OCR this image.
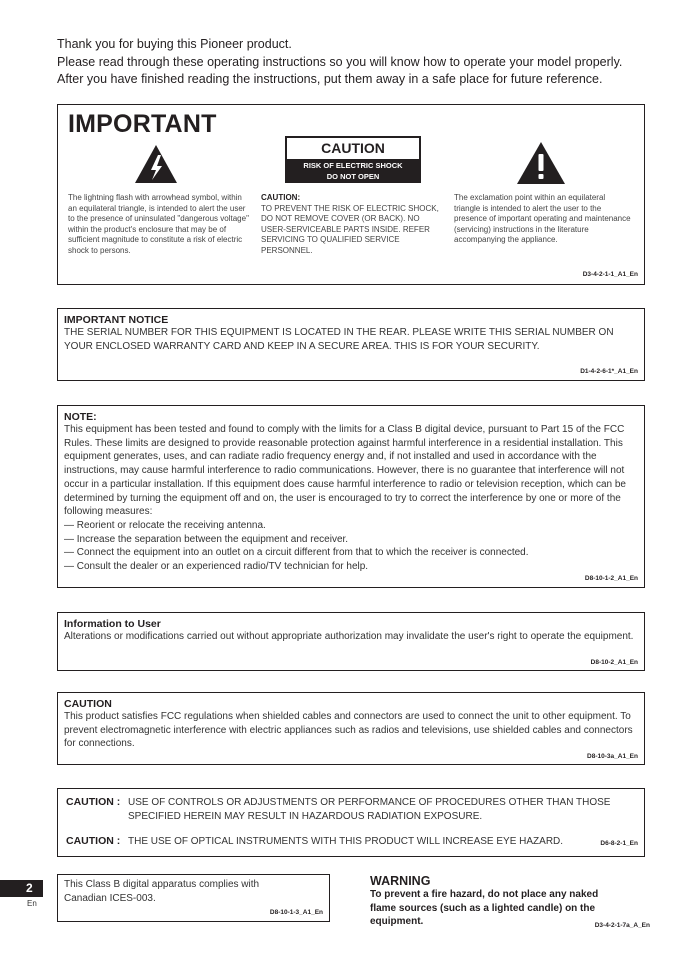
Thank you for buying this Pioneer product.
Please read through these operating instructions so you will know how to operate your model properly.
After you have finished reading the instructions, put them away in a safe place for future reference.
IMPORTANT
CAUTION
RISK OF ELECTRIC SHOCK
DO NOT OPEN
The lightning flash with arrowhead symbol, within an equilateral triangle, is intended to alert the user to the presence of uninsulated "dangerous voltage" within the product's enclosure that may be of sufficient magnitude to constitute a risk of electric shock to persons.
CAUTION:
TO PREVENT THE RISK OF ELECTRIC SHOCK, DO NOT REMOVE COVER (OR BACK). NO USER-SERVICEABLE PARTS INSIDE. REFER SERVICING TO QUALIFIED SERVICE PERSONNEL.
The exclamation point within an equilateral triangle is intended to alert the user to the presence of important operating and maintenance (servicing) instructions in the literature accompanying the appliance.
D3-4-2-1-1_A1_En
IMPORTANT NOTICE
THE SERIAL NUMBER FOR THIS EQUIPMENT IS LOCATED IN THE REAR. PLEASE WRITE THIS SERIAL NUMBER ON YOUR ENCLOSED WARRANTY CARD AND KEEP IN A SECURE AREA. THIS IS FOR YOUR SECURITY.
D1-4-2-6-1*_A1_En
NOTE:
This equipment has been tested and found to comply with the limits for a Class B digital device, pursuant to Part 15 of the FCC Rules. These limits are designed to provide reasonable protection against harmful interference in a residential installation. This equipment generates, uses, and can radiate radio frequency energy and, if not installed and used in accordance with the instructions, may cause harmful interference to radio communications. However, there is no guarantee that interference will not occur in a particular installation. If this equipment does cause harmful interference to radio or television reception, which can be determined by turning the equipment off and on, the user is encouraged to try to correct the interference by one or more of the following measures:
— Reorient or relocate the receiving antenna.
— Increase the separation between the equipment and receiver.
— Connect the equipment into an outlet on a circuit different from that to which the receiver is connected.
— Consult the dealer or an experienced radio/TV technician for help.
D8-10-1-2_A1_En
Information to User
Alterations or modifications carried out without appropriate authorization may invalidate the user's right to operate the equipment.
D8-10-2_A1_En
CAUTION
This product satisfies FCC regulations when shielded cables and connectors are used to connect the unit to other equipment. To prevent electromagnetic interference with electric appliances such as radios and televisions, use shielded cables and connectors for connections.
D8-10-3a_A1_En
CAUTION : USE OF CONTROLS OR ADJUSTMENTS OR PERFORMANCE OF PROCEDURES OTHER THAN THOSE
SPECIFIED HEREIN MAY RESULT IN HAZARDOUS RADIATION EXPOSURE.
CAUTION : THE USE OF OPTICAL INSTRUMENTS WITH THIS PRODUCT WILL INCREASE EYE HAZARD.	D6-8-2-1_En
2
En
This Class B digital apparatus complies with Canadian ICES-003.
D8-10-1-3_A1_En
WARNING
To prevent a fire hazard, do not place any naked flame sources (such as a lighted candle) on the equipment.	D3-4-2-1-7a_A_En
